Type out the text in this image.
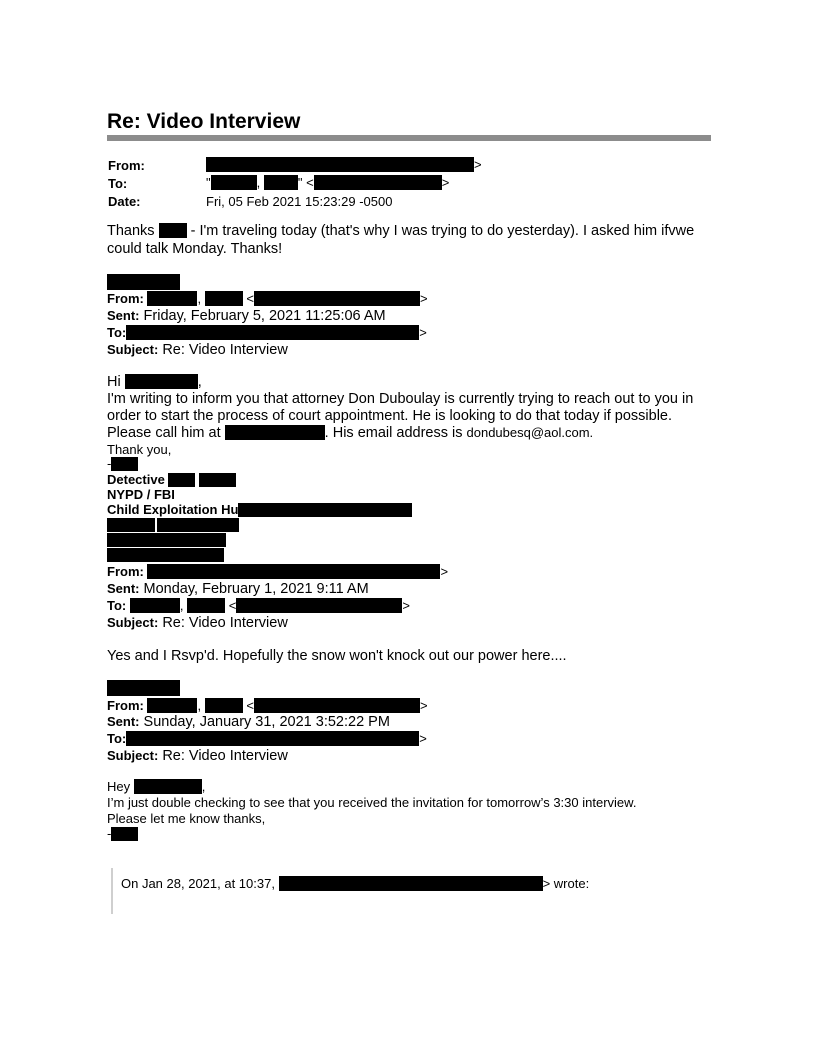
Re: Video Interview
From:	>
To:	"	,	" <	>
Date:	Fri, 05 Feb 2021 15:23:29 -0500
Thanks - I'm traveling today (that's why I was trying to do yesterday). I asked him ifvwe
could talk Monday. Thanks!
From:	,	<	>
Sent: Friday, February 5, 2021 11:25:06 AM
To:	>
Subject: Re: Video Interview
Hi	,
I'm writing to inform you that attorney Don Duboulay is currently trying to reach out to you in
order to start the process of court appointment. He is looking to do that today if possible.
Please call him at	. His email address is dondubesq@aol.com.
Thank you,
-
Detective
NYPD / FBI
Child Exploitation Hu
From:	>
Sent: Monday, February 1, 2021 9:11 AM
To:	,	<	>
Subject: Re: Video Interview
Yes and I Rsvp'd. Hopefully the snow won't knock out our power here....
From:	,	<	>
Sent: Sunday, January 31, 2021 3:52:22 PM
To:	>
Subject: Re: Video Interview
Hey	,
I’m just double checking to see that you received the invitation for tomorrow’s 3:30 interview.
Please let me know thanks,
-
On Jan 28, 2021, at 10:37,	> wrote:
